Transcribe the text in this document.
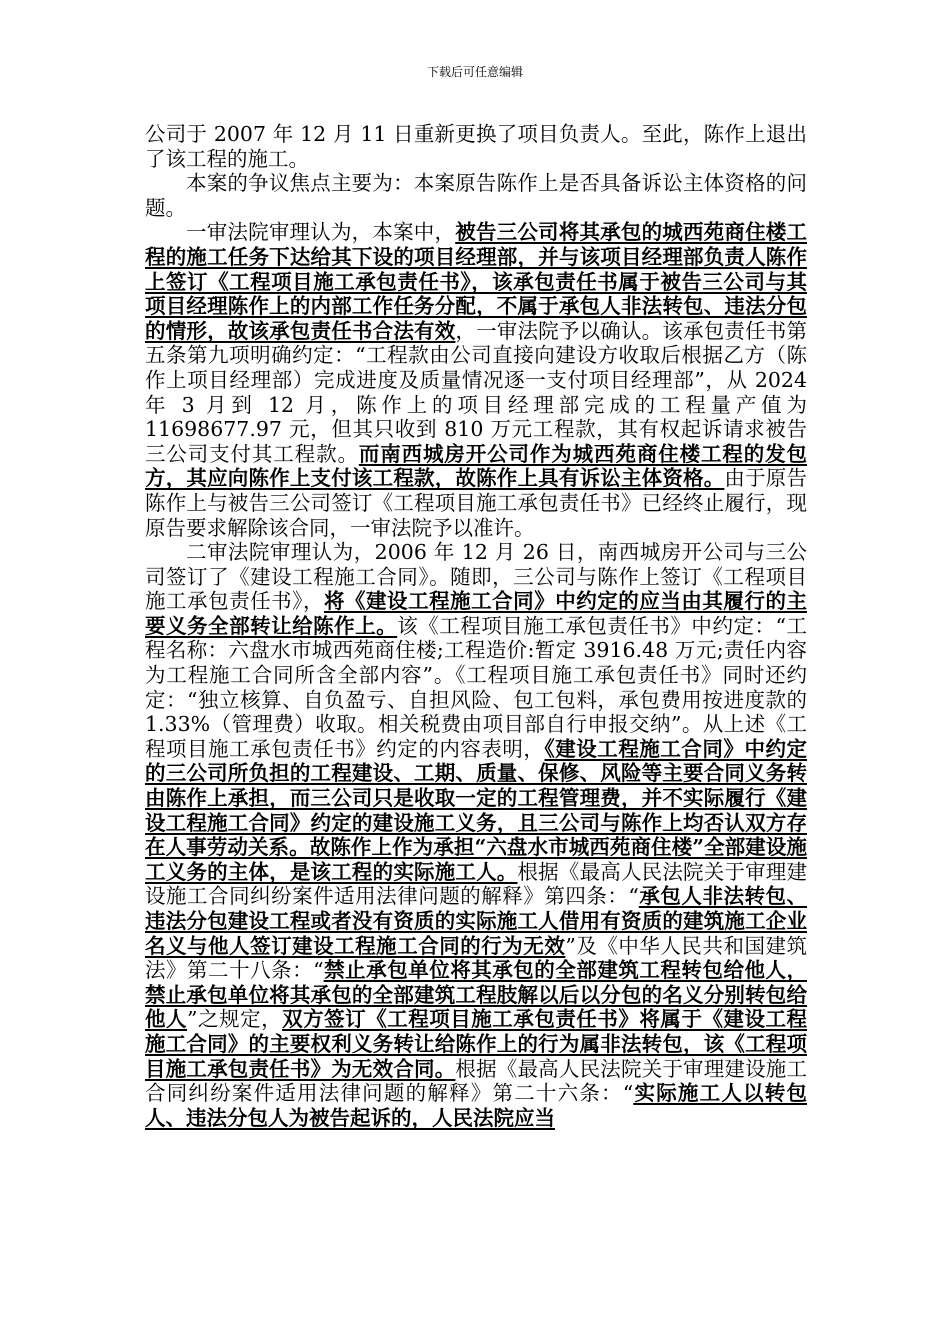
下载后可任意编辑

公司于 2007 年 12 月 11 日重新更换了项目负责人。至此，陈作上退出了该工程的施工。

本案的争议焦点主要为：本案原告陈作上是否具备诉讼主体资格的问题。

一审法院审理认为，本案中，被告三公司将其承包的城西苑商住楼工程的施工任务下达给其下设的项目经理部，并与该项目经理部负责人陈作上签订《工程项目施工承包责任书》，该承包责任书属于被告三公司与其项目经理陈作上的内部工作任务分配，不属于承包人非法转包、违法分包的情形，故该承包责任书合法有效，一审法院予以确认。该承包责任书第五条第九项明确约定：“工程款由公司直接向建设方收取后根据乙方（陈作上项目经理部）完成进度及质量情况逐一支付项目经理部”，从 2024 年 3 月到 12 月，陈作上的项目经理部完成的工程量产值为 11698677.97 元，但其只收到 810 万元工程款，其有权起诉请求被告三公司支付其工程款。而南西城房开公司作为城西苑商住楼工程的发包方，其应向陈作上支付该工程款，故陈作上具有诉讼主体资格。由于原告陈作上与被告三公司签订《工程项目施工承包责任书》已经终止履行，现原告要求解除该合同，一审法院予以准许。

二审法院审理认为，2006 年 12 月 26 日，南西城房开公司与三公司签订了《建设工程施工合同》。随即，三公司与陈作上签订《工程项目施工承包责任书》，将《建设工程施工合同》中约定的应当由其履行的主要义务全部转让给陈作上。该《工程项目施工承包责任书》中约定：“工程名称：六盘水市城西苑商住楼;工程造价:暂定 3916.48 万元;责任内容为工程施工合同所含全部内容”。《工程项目施工承包责任书》同时还约定：“独立核算、自负盈亏、自担风险、包工包料，承包费用按进度款的 1.33%（管理费）收取。相关税费由项目部自行申报交纳”。从上述《工程项目施工承包责任书》约定的内容表明，《建设工程施工合同》中约定的三公司所负担的工程建设、工期、质量、保修、风险等主要合同义务转由陈作上承担，而三公司只是收取一定的工程管理费，并不实际履行《建设工程施工合同》约定的建设施工义务，且三公司与陈作上均否认双方存在人事劳动关系。故陈作上作为承担“六盘水市城西苑商住楼”全部建设施工义务的主体，是该工程的实际施工人。根据《最高人民法院关于审理建设施工合同纠纷案件适用法律问题的解释》第四条：“承包人非法转包、违法分包建设工程或者没有资质的实际施工人借用有资质的建筑施工企业名义与他人签订建设工程施工合同的行为无效”及《中华人民共和国建筑法》第二十八条：“禁止承包单位将其承包的全部建筑工程转包给他人，禁止承包单位将其承包的全部建筑工程肢解以后以分包的名义分别转包给他人”之规定，双方签订《工程项目施工承包责任书》将属于《建设工程施工合同》的主要权利义务转让给陈作上的行为属非法转包，该《工程项目施工承包责任书》为无效合同。根据《最高人民法院关于审理建设施工合同纠纷案件适用法律问题的解释》第二十六条：“实际施工人以转包人、违法分包人为被告起诉的，人民法院应当
